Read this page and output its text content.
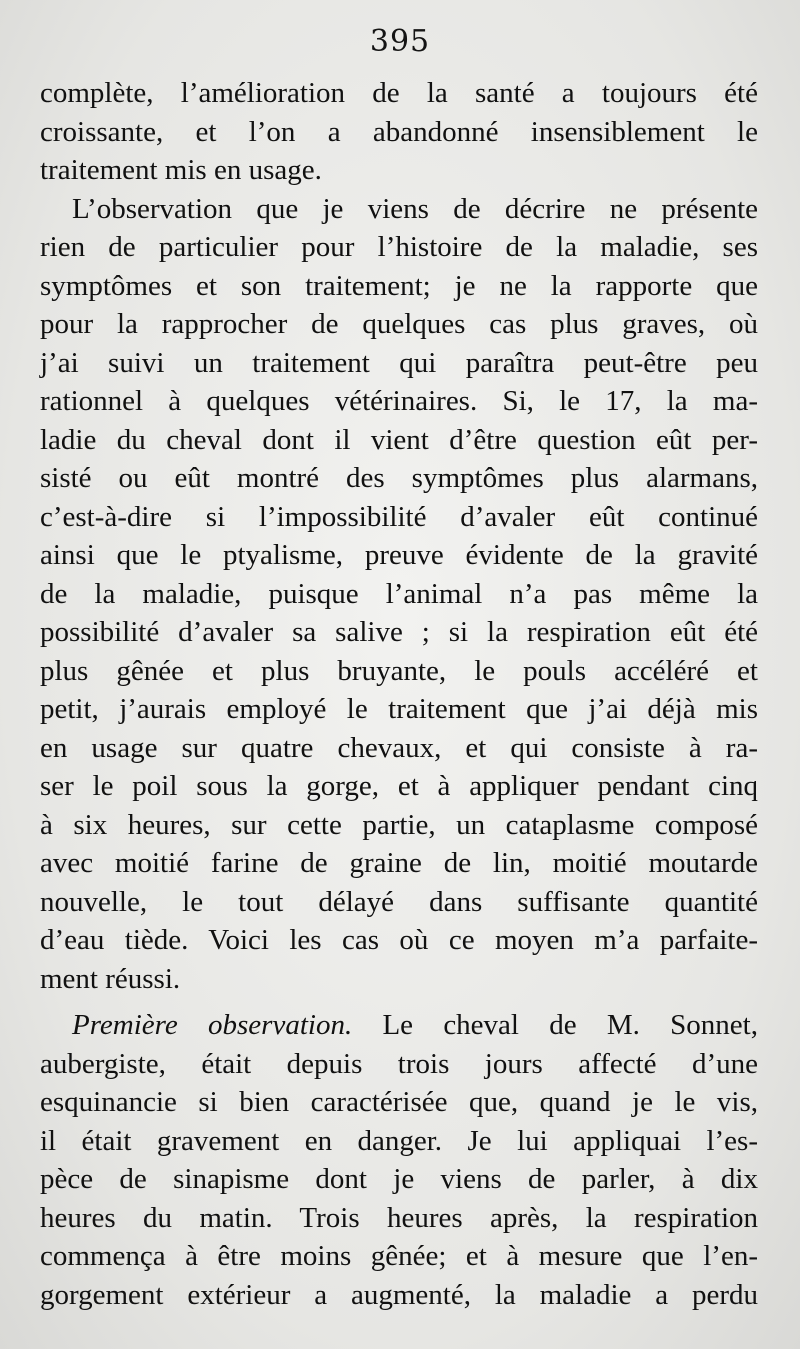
395
complète, l’amélioration de la santé a toujours été
croissante, et l’on a abandonné insensiblement le
traitement mis en usage.
L’observation que je viens de décrire ne présente
rien de particulier pour l’histoire de la maladie, ses
symptômes et son traitement; je ne la rapporte que
pour la rapprocher de quelques cas plus graves, où
j’ai suivi un traitement qui paraîtra peut-être peu
rationnel à quelques vétérinaires. Si, le 17, la ma-
ladie du cheval dont il vient d’être question eût per-
sisté ou eût montré des symptômes plus alarmans,
c’est-à-dire si l’impossibilité d’avaler eût continué
ainsi que le ptyalisme, preuve évidente de la gravité
de la maladie, puisque l’animal n’a pas même la
possibilité d’avaler sa salive ; si la respiration eût été
plus gênée et plus bruyante, le pouls accéléré et
petit, j’aurais employé le traitement que j’ai déjà mis
en usage sur quatre chevaux, et qui consiste à ra-
ser le poil sous la gorge, et à appliquer pendant cinq
à six heures, sur cette partie, un cataplasme composé
avec moitié farine de graine de lin, moitié moutarde
nouvelle, le tout délayé dans suffisante quantité
d’eau tiède. Voici les cas où ce moyen m’a parfaite-
ment réussi.
Première observation. Le cheval de M. Sonnet,
aubergiste, était depuis trois jours affecté d’une
esquinancie si bien caractérisée que, quand je le vis,
il était gravement en danger. Je lui appliquai l’es-
pèce de sinapisme dont je viens de parler, à dix
heures du matin. Trois heures après, la respiration
commença à être moins gênée; et à mesure que l’en-
gorgement extérieur a augmenté, la maladie a perdu
